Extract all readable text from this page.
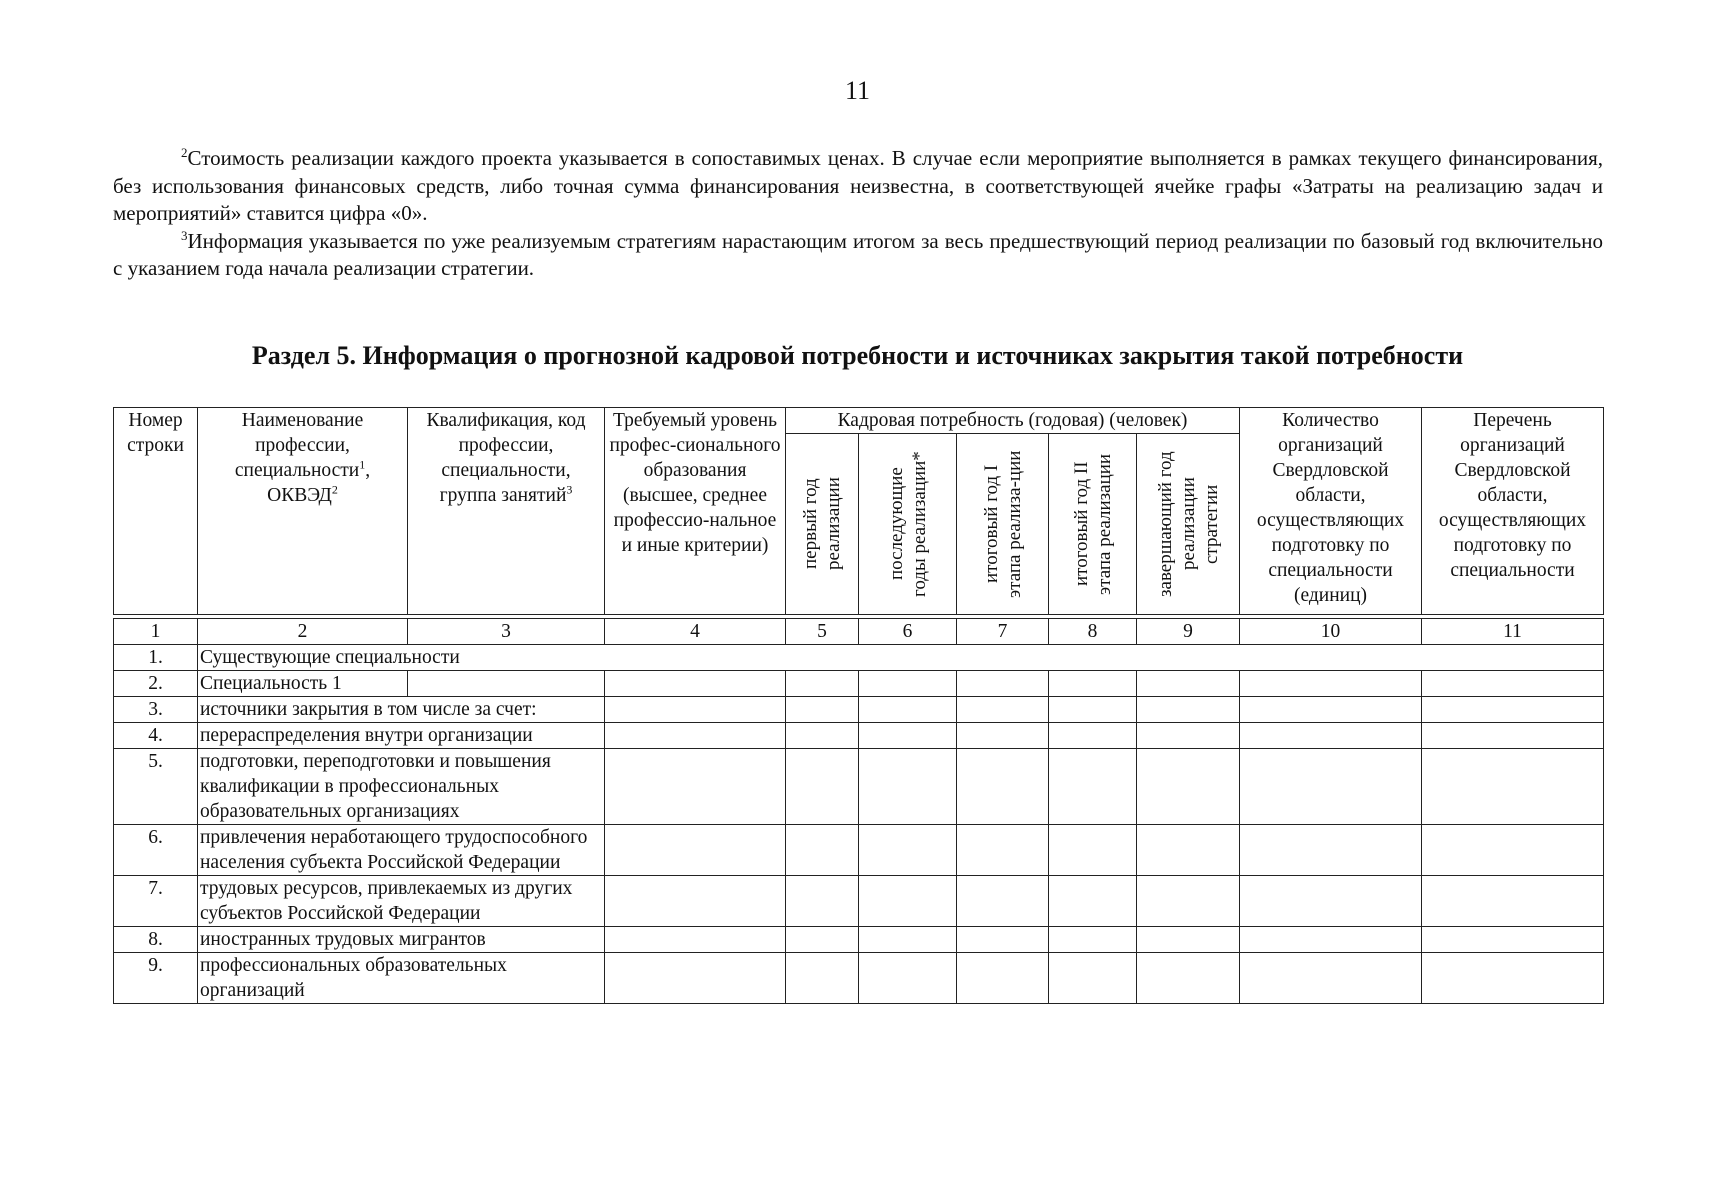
11

$^2$Стоимость реализации каждого проекта указывается в сопоставимых ценах. В случае если мероприятие выполняется в рамках текущего финансирования, без использования финансовых средств, либо точная сумма финансирования неизвестна, в соответствующей ячейке графы «Затраты на реализацию задач и мероприятий» ставится цифра «0».

$^3$Информация указывается по уже реализуемым стратегиям нарастающим итогом за весь предшествующий период реализации по базовый год включительно с указанием года начала реализации стратегии.

Раздел 5. Информация о прогнозной кадровой потребности и источниках закрытия такой потребности
Номер строки	Наименование профессии, специальности$^1$, ОКВЭД$^2$	Квалификация, код профессии, специальности, группа занятий$^3$	Требуемый уровень профес-сионального образования (высшее, среднее профессио-нальное и иные критерии)	Кадровая потребность (годовая) (человек)					Количество организаций Свердловской области, осуществляющих подготовку по специальности (единиц)	Перечень организаций Свердловской области, осуществляющих подготовку по специальности

				первый год реализации	последующие годы реализации*	итоговый год I этапа реализа-ции	итоговый год II этапа реализации	завершающий год реализации стратегии		

1	2	3	4	5	6	7	8	9	10	11
1.	Существующие специальности									
2.	Специальность 1									
3.	источники закрытия в том числе за счет:									
4.	перераспределения внутри организации									
5.	подготовки, переподготовки и повышения квалификации в профессиональных образовательных организациях									
6.	привлечения неработающего трудоспособного населения субъекта Российской Федерации									
7.	трудовых ресурсов, привлекаемых из других субъектов Российской Федерации									
8.	иностранных трудовых мигрантов									
9.	профессиональных образовательных организаций									
